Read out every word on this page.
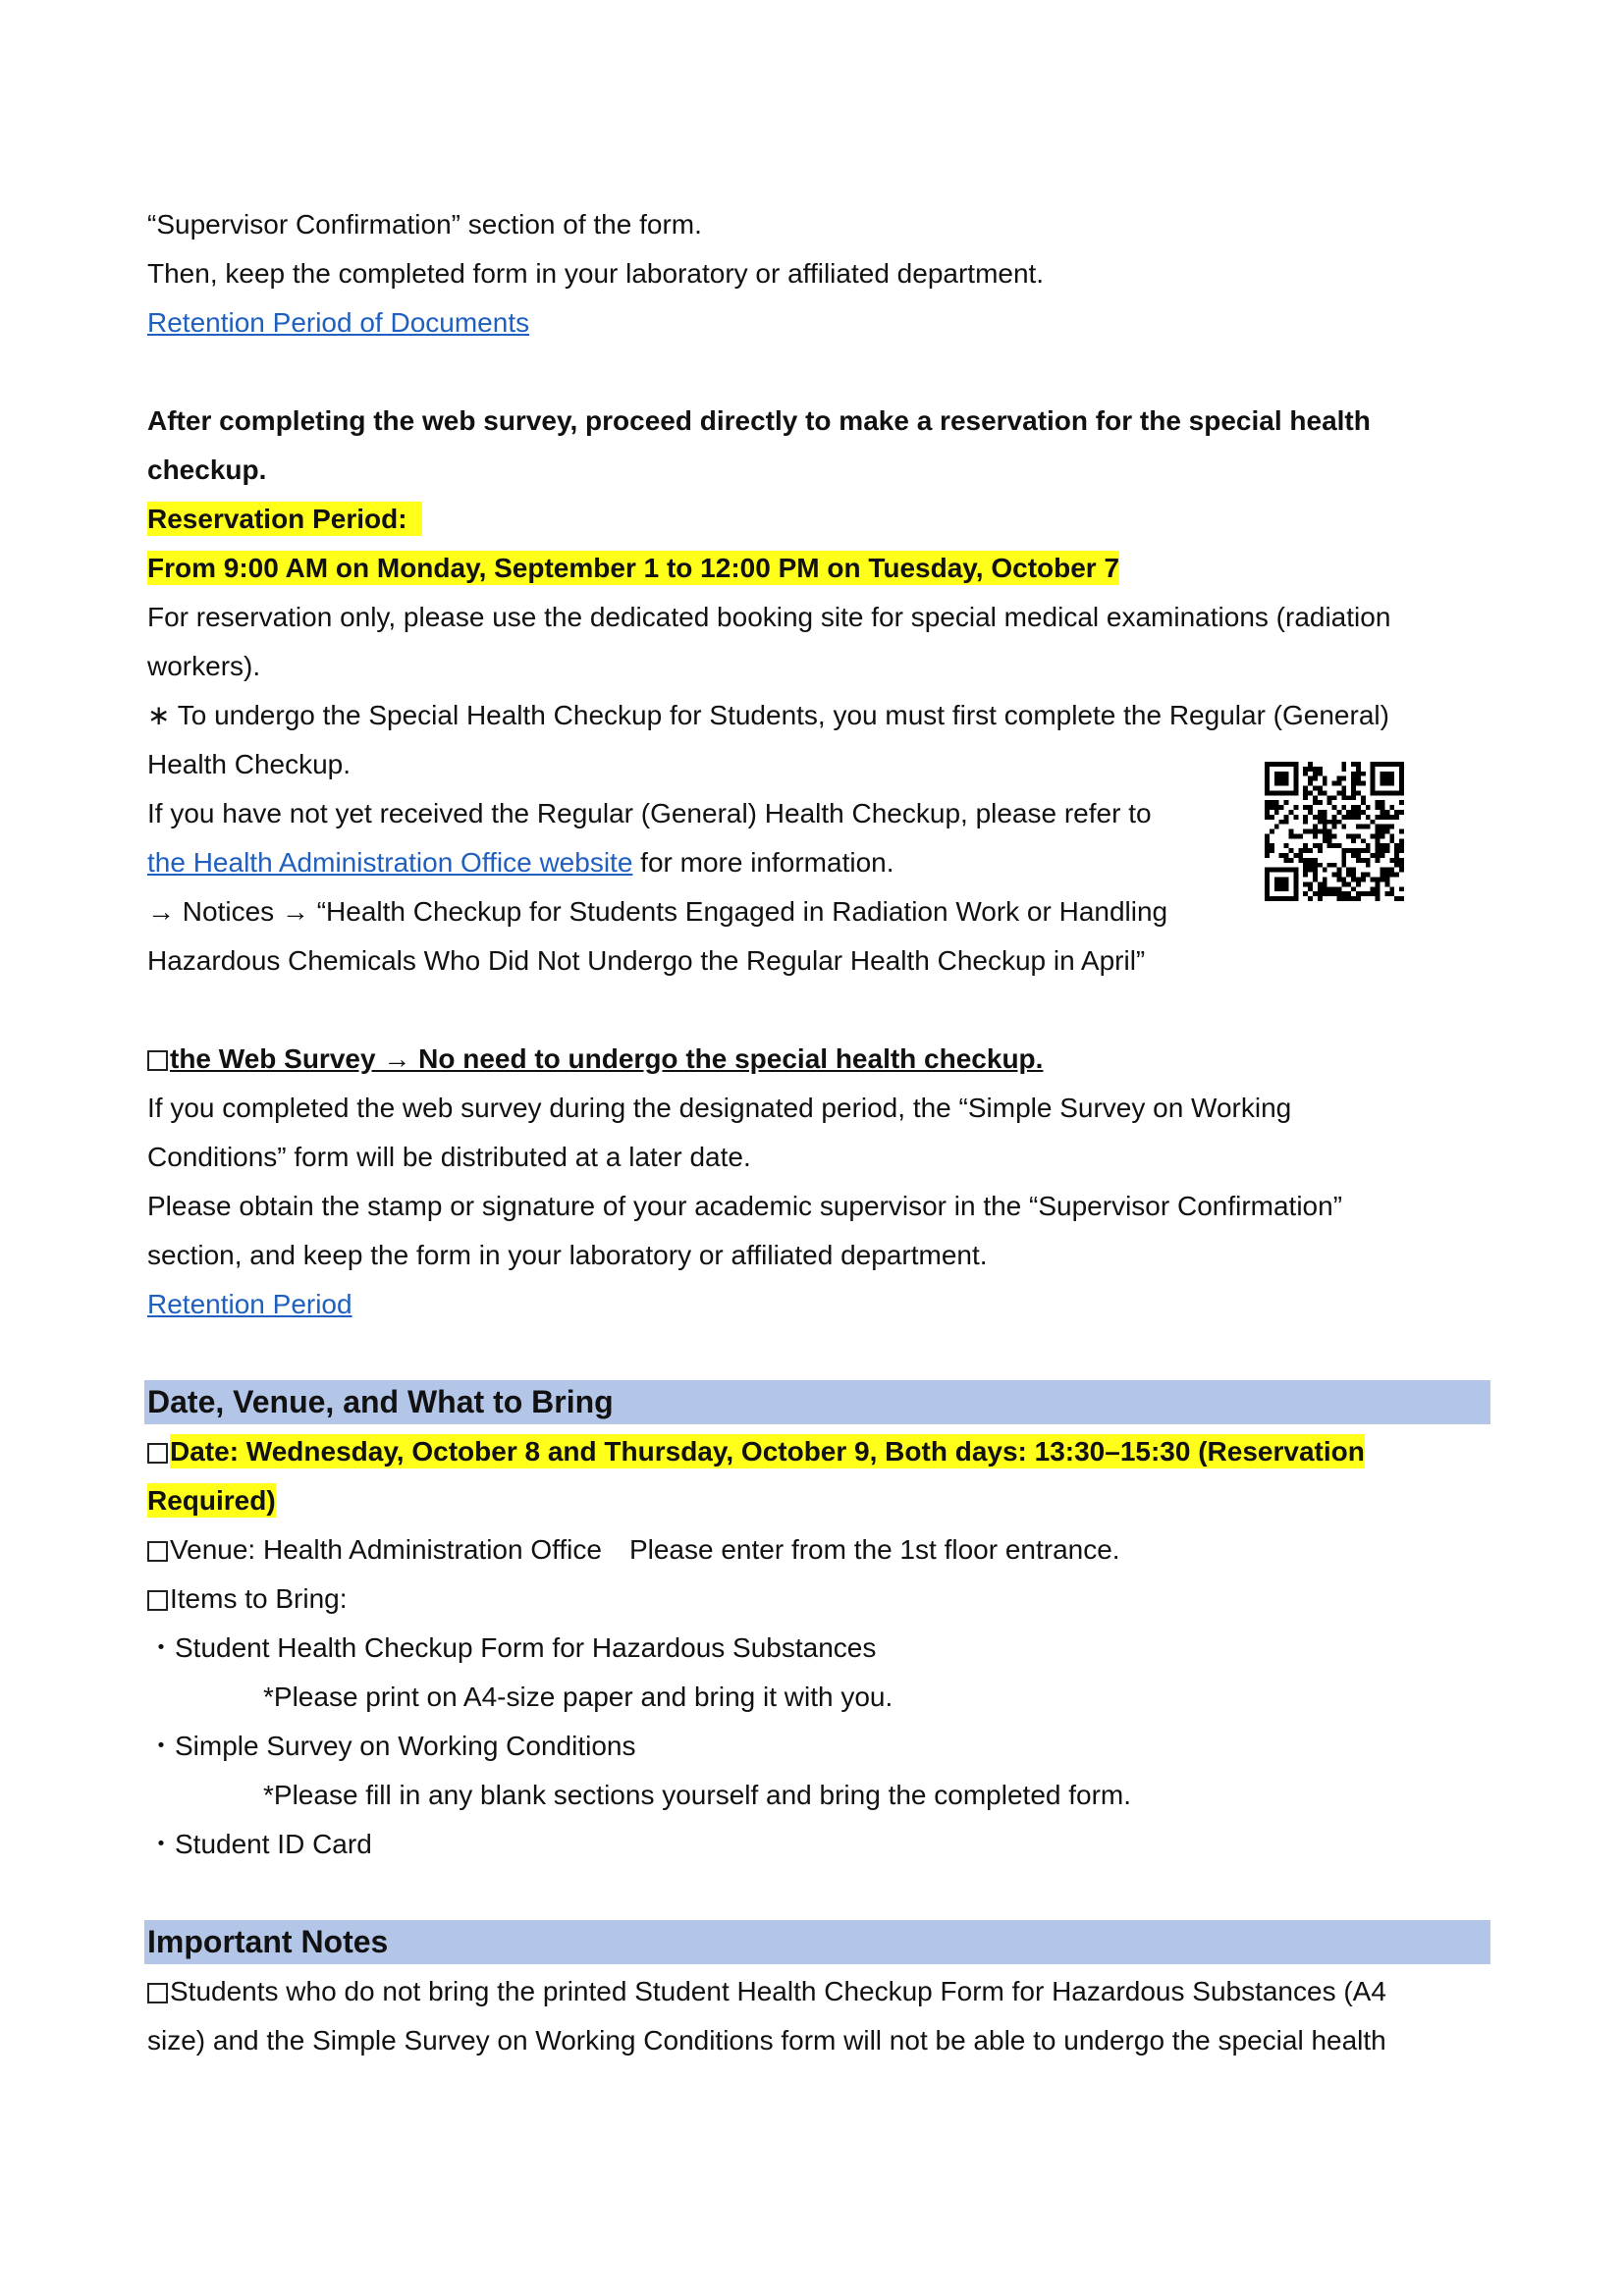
“Supervisor Confirmation” section of the form.
Then, keep the completed form in your laboratory or affiliated department.
Retention Period of Documents
After completing the web survey, proceed directly to make a reservation for the special health
checkup.
Reservation Period:
From 9:00 AM on Monday, September 1 to 12:00 PM on Tuesday, October 7
For reservation only, please use the dedicated booking site for special medical examinations (radiation
workers).
∗ To undergo the Special Health Checkup for Students, you must first complete the Regular (General)
Health Checkup.
If you have not yet received the Regular (General) Health Checkup, please refer to
the Health Administration Office website for more information.
→ Notices → “Health Checkup for Students Engaged in Radiation Work or Handling
Hazardous Chemicals Who Did Not Undergo the Regular Health Checkup in April”
the Web Survey → No need to undergo the special health checkup.
If you completed the web survey during the designated period, the “Simple Survey on Working
Conditions” form will be distributed at a later date.
Please obtain the stamp or signature of your academic supervisor in the “Supervisor Confirmation”
section, and keep the form in your laboratory or affiliated department.
Retention Period
Date, Venue, and What to Bring
Date: Wednesday, October 8 and Thursday, October 9, Both days: 13:30–15:30 (Reservation
Required)
Venue: Health Administration Office　Please enter from the 1st floor entrance.
Items to Bring:
・Student Health Checkup Form for Hazardous Substances
*Please print on A4-size paper and bring it with you.
・Simple Survey on Working Conditions
*Please fill in any blank sections yourself and bring the completed form.
・Student ID Card
Important Notes
Students who do not bring the printed Student Health Checkup Form for Hazardous Substances (A4
size) and the Simple Survey on Working Conditions form will not be able to undergo the special health
